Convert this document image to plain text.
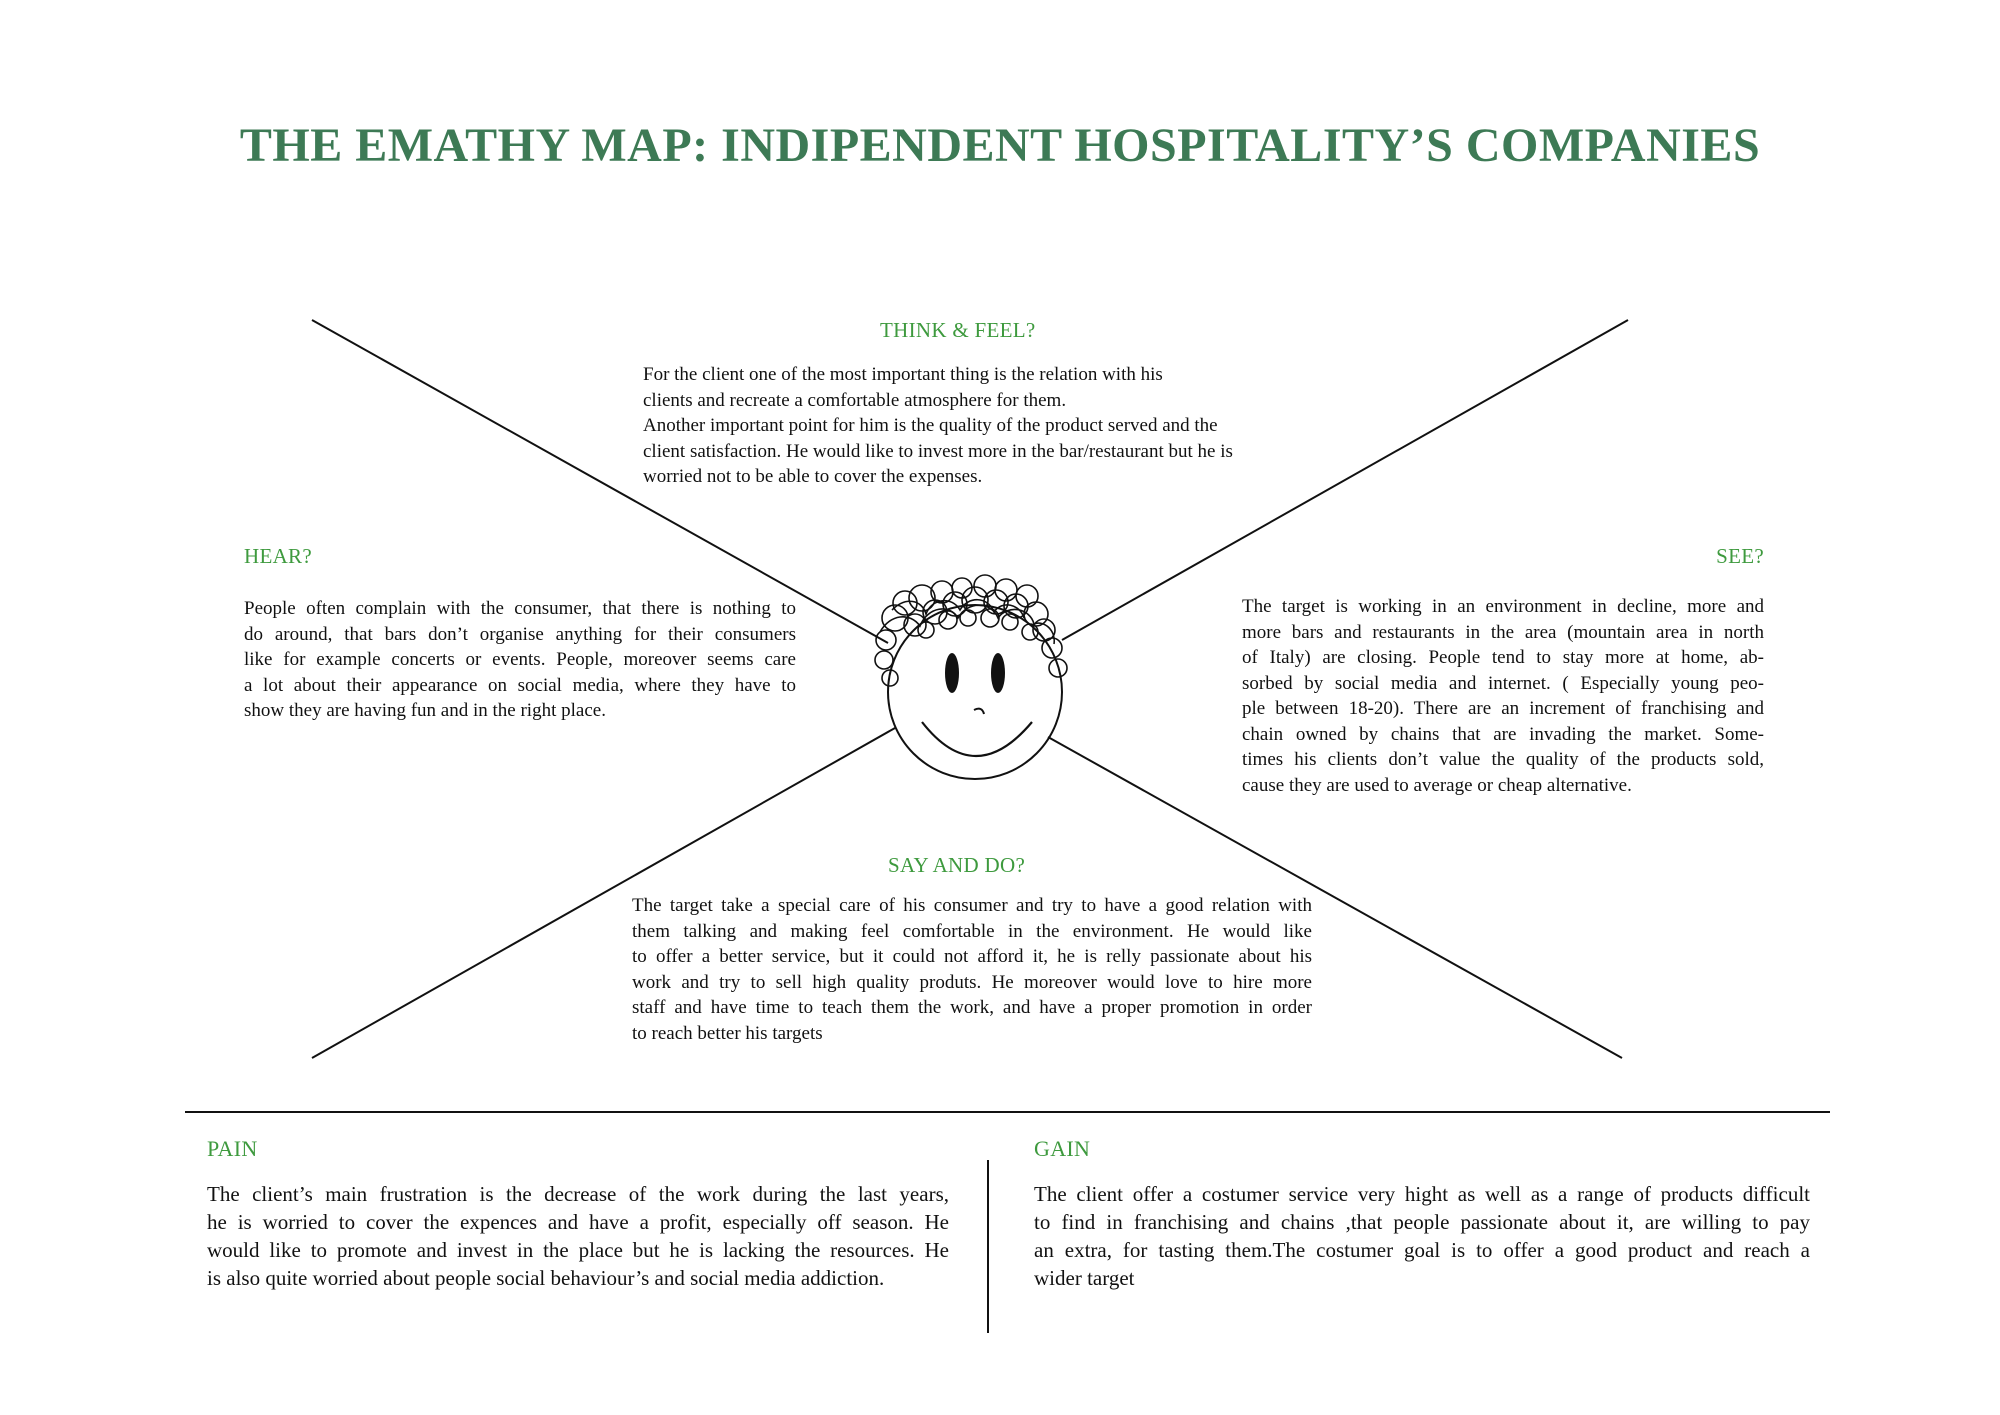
THE EMATHY MAP: INDIPENDENT HOSPITALITY’S COMPANIES
THINK & FEEL?
For the client one of the most important thing is the relation with his
clients and recreate a comfortable atmosphere for them.
Another important point for him is the quality of the product served and the
client satisfaction. He would like to invest more in the bar/restaurant but he is
worried not to be able to cover the expenses.
HEAR?
People often complain with the consumer, that there is nothing to
do around, that bars don’t organise anything for their consumers
like for example concerts or events. People, moreover seems care
a lot about their appearance on social media, where they have to
show they are having fun and in the right place.
SEE?
The target is working in an environment in decline, more and
more bars and restaurants in the area (mountain area in north
of Italy) are closing. People tend to stay more at home, ab-
sorbed by social media and internet. ( Especially young peo-
ple between 18-20). There are an increment of franchising and
chain owned by chains that are invading the market. Some-
times his clients don’t value the quality of the products sold,
cause they are used to average or cheap alternative.
SAY AND DO?
The target take a special care of his consumer and try to have a good relation with
them talking and making feel comfortable in the environment. He would like
to offer a better service, but it could not afford it, he is relly passionate about his
work and try to sell high quality produts. He moreover would love to hire more
staff and have time to teach them the work, and have a proper promotion in order
to reach better his targets
PAIN
The client’s main frustration is the decrease of the work during the last years,
he is worried to cover the expences and have a profit, especially off season. He
would like to promote and invest in the place but he is lacking the resources. He
is also quite worried about people social behaviour’s and social media addiction.
GAIN
The client offer a costumer service very hight as well as a range of products difficult
to find in franchising and chains ,that people passionate about it, are willing to pay
an extra, for tasting them.The costumer goal is to offer a good product and reach a
wider target
